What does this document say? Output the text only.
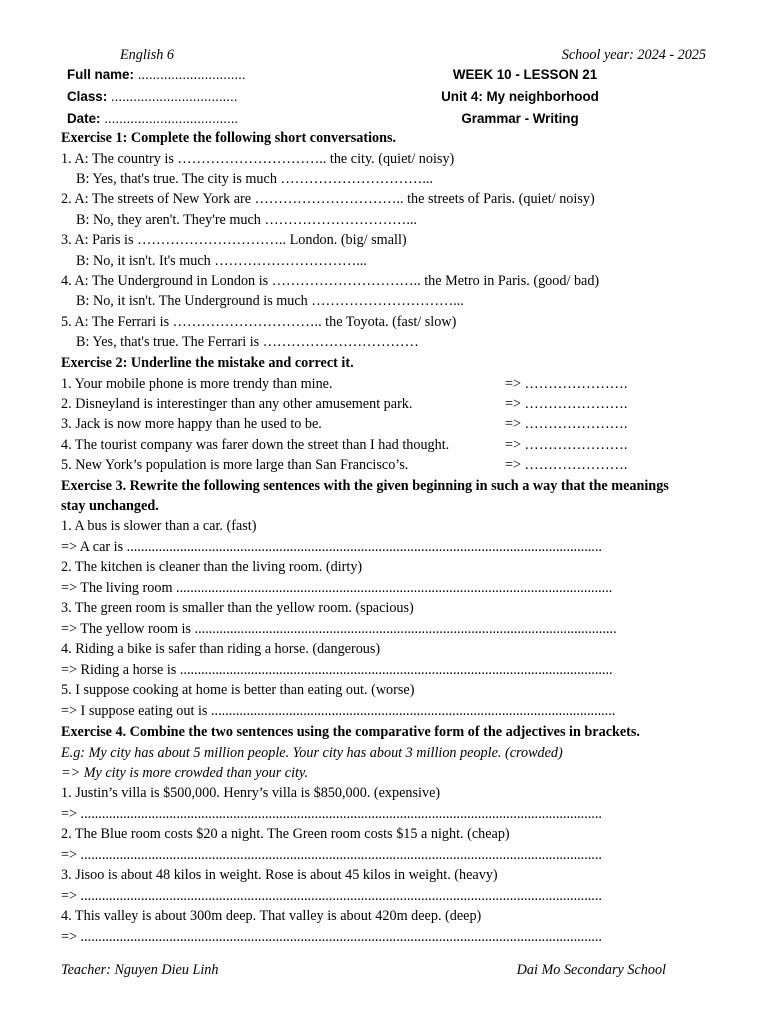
English 6	School year: 2024 - 2025
Full name: .............................
Class: ..................................
Date: ....................................
WEEK 10 - LESSON 21
Unit 4: My neighborhood
Grammar - Writing
Exercise 1: Complete the following short conversations.
1. A: The country is ………………………….. the city. (quiet/ noisy)
B: Yes, that's true. The city is much …………………………...
2. A: The streets of New York are ………………………….. the streets of Paris. (quiet/ noisy)
B: No, they aren't. They're much …………………………...
3. A: Paris is ………………………….. London. (big/ small)
B: No, it isn't. It's much …………………………...
4. A: The Underground in London is ………………………….. the Metro in Paris. (good/ bad)
B: No, it isn't. The Underground is much …………………………...
5. A: The Ferrari is ………………………….. the Toyota. (fast/ slow)
B: Yes, that's true. The Ferrari is ……………………………
Exercise 2: Underline the mistake and correct it.
1. Your mobile phone is more trendy than mine.	=> ………………….
2. Disneyland is interestinger than any other amusement park.	=> ………………….
3. Jack is now more happy than he used to be.	=> ………………….
4. The tourist company was farer down the street than I had thought.	=> ………………….
5. New York’s population is more large than San Francisco’s.	=> ………………….
Exercise 3. Rewrite the following sentences with the given beginning in such a way that the meanings
stay unchanged.
1. A bus is slower than a car. (fast)
=> A car is ......................................................................................................................................
2. The kitchen is cleaner than the living room. (dirty)
=> The living room ...........................................................................................................................
3. The green room is smaller than the yellow room. (spacious)
=> The yellow room is .......................................................................................................................
4. Riding a bike is safer than riding a horse. (dangerous)
=> Riding a horse is ..........................................................................................................................
5. I suppose cooking at home is better than eating out. (worse)
=> I suppose eating out is ..................................................................................................................
Exercise 4. Combine the two sentences using the comparative form of the adjectives in brackets.
E.g: My city has about 5 million people. Your city has about 3 million people. (crowded)
=> My city is more crowded than your city.
1. Justin’s villa is $500,000. Henry’s villa is $850,000. (expensive)
=> ...................................................................................................................................................
2. The Blue room costs $20 a night. The Green room costs $15 a night. (cheap)
=> ...................................................................................................................................................
3. Jisoo is about 48 kilos in weight. Rose is about 45 kilos in weight. (heavy)
=> ...................................................................................................................................................
4. This valley is about 300m deep. That valley is about 420m deep. (deep)
=> ...................................................................................................................................................
Teacher: Nguyen Dieu Linh	Dai Mo Secondary School
